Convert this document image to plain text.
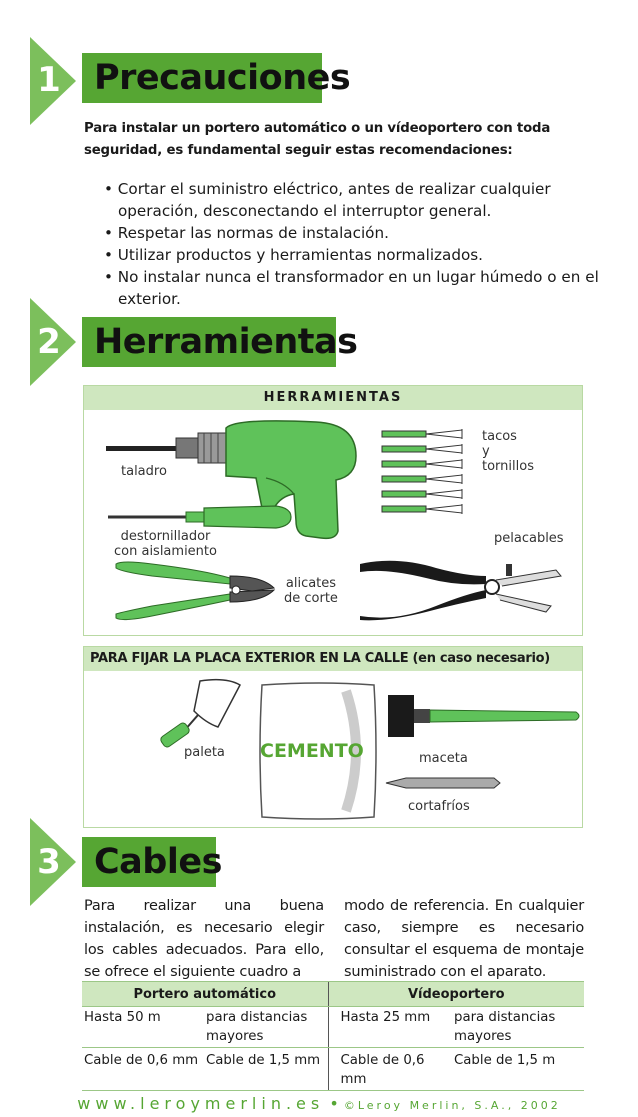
1 Precauciones
Para instalar un portero automático o un vídeoportero con toda seguridad, es fundamental seguir estas recomendaciones:
• Cortar el suministro eléctrico, antes de realizar cualquier operación, desconectando el interruptor general.
• Respetar las normas de instalación.
• Utilizar productos y herramientas normalizados.
• No instalar nunca el transformador en un lugar húmedo o en el exterior.
2 Herramientas
HERRAMIENTAS
taladro
tacos
y
tornillos
destornillador
con aislamiento
pelacables
alicates
de corte
PARA FIJAR LA PLACA EXTERIOR EN LA CALLE (en caso necesario)
paleta CEMENTO	maceta
cortafríos
3 Cables
Para realizar una buena instalación, es necesario elegir los cables adecuados. Para ello, se ofrece el siguiente cuadro a
modo de referencia. En cualquier caso, siempre es necesario consultar el esquema de montaje suministrado con el aparato.
Portero automático		Vídeoportero	
Hasta 50 m	para distancias mayores	Hasta 25 mm	para distancias mayores
Cable de 0,6 mm	Cable de 1,5 mm	Cable de 0,6 mm	Cable de 1,5 m
www.leroymerlin.es • ©Leroy Merlin, S.A., 2002
